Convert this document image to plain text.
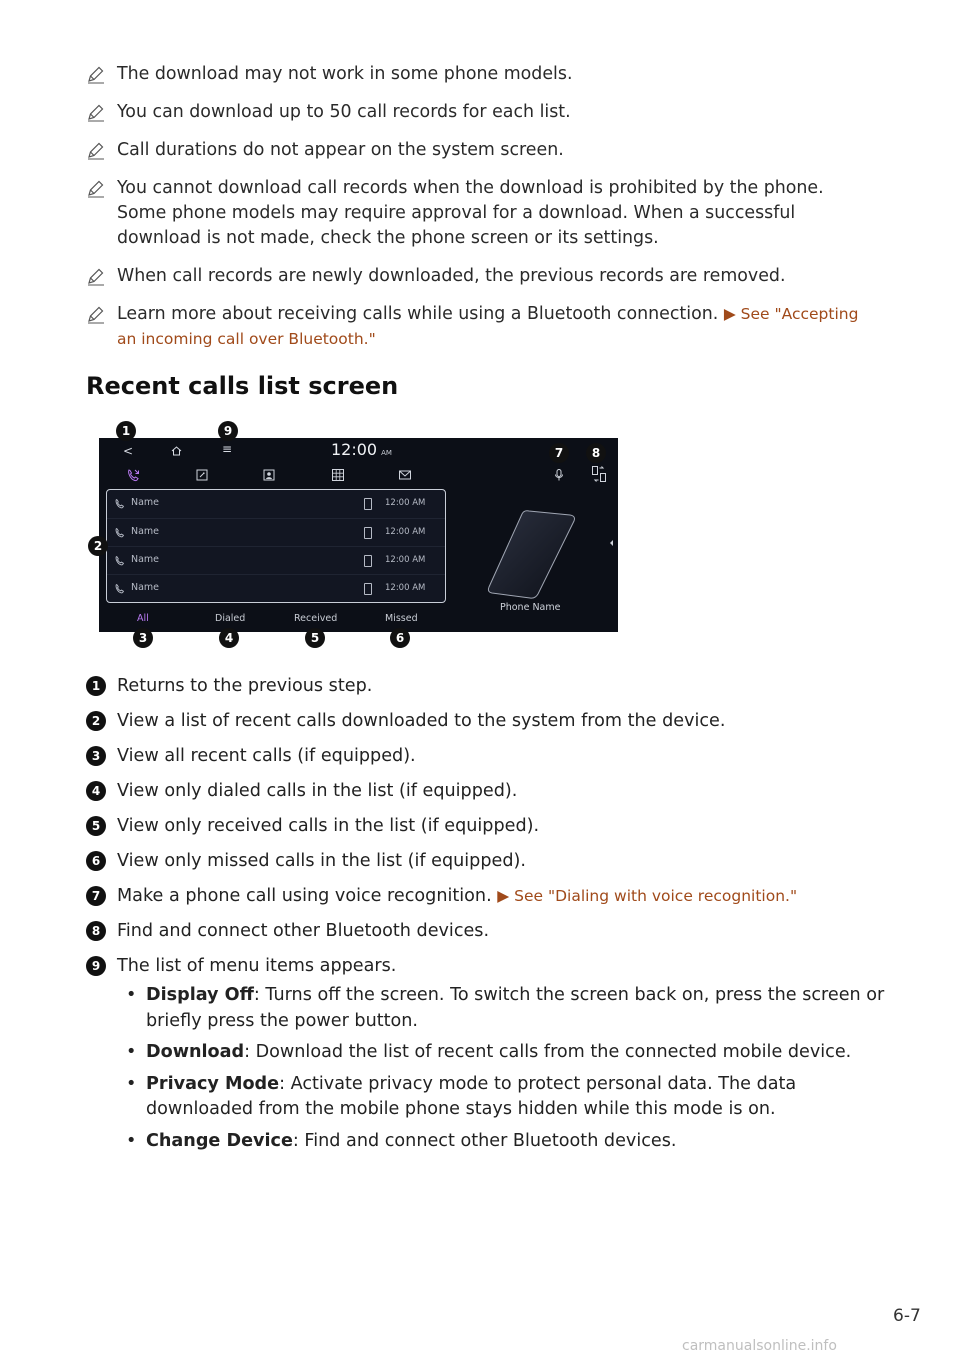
The download may not work in some phone models.
You can download up to 50 call records for each list.
Call durations do not appear on the system screen.
You cannot download call records when the download is prohibited by the phone. Some phone models may require approval for a download. When a successful download is not made, check the phone screen or its settings.
When call records are newly downloaded, the previous records are removed.
Learn more about receiving calls while using a Bluetooth connection. ▶ See "Accepting an incoming call over Bluetooth."
Recent calls list screen
<	≡	12:00 AM
Name	12:00 AM
Name	12:00 AM
Name	12:00 AM
Name	12:00 AM
Phone Name
All	Dialed	Received	Missed
1	9
7	8
2
3	4	5	6
1 Returns to the previous step.
2 View a list of recent calls downloaded to the system from the device.
3 View all recent calls (if equipped).
4 View only dialed calls in the list (if equipped).
5 View only received calls in the list (if equipped).
6 View only missed calls in the list (if equipped).
7 Make a phone call using voice recognition. ▶ See "Dialing with voice recognition."
8 Find and connect other Bluetooth devices.
9 The list of menu items appears.
• Display Off: Turns off the screen. To switch the screen back on, press the screen or briefly press the power button.
• Download: Download the list of recent calls from the connected mobile device.
• Privacy Mode: Activate privacy mode to protect personal data. The data downloaded from the mobile phone stays hidden while this mode is on.
• Change Device: Find and connect other Bluetooth devices.
6-7
carmanualsonline.info
